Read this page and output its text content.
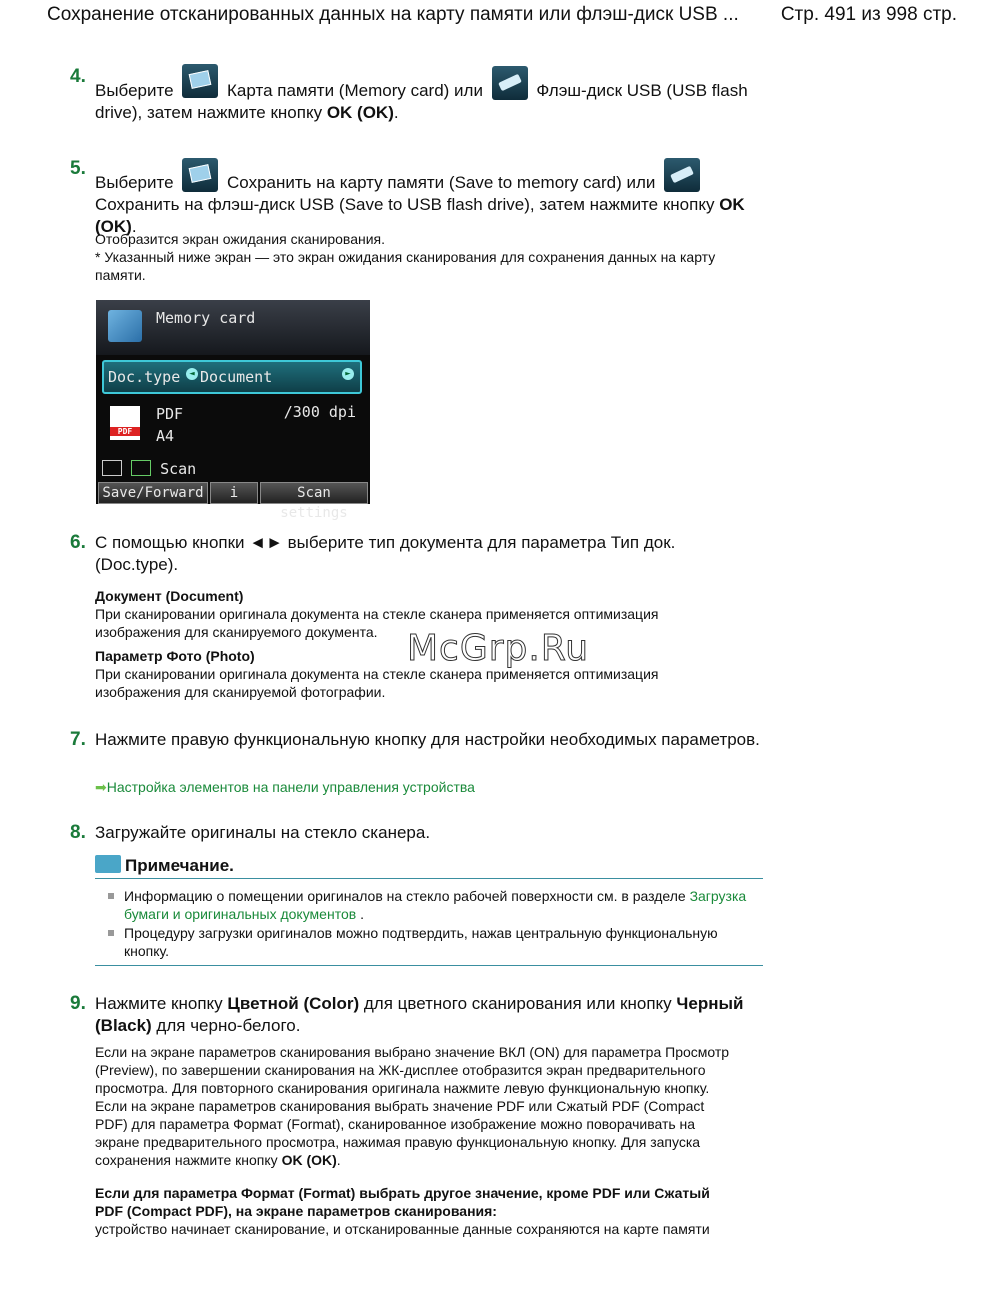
Сохранение отсканированных данных на карту памяти или флэш-диск USB ... Стр. 491 из 998 стр.
4.
Выберите	Карта памяти (Memory card) или	Флэш-диск USB (USB flash drive), затем нажмите кнопку OK (OK).
5.
Выберите	Сохранить на карту памяти (Save to memory card) или  Сохранить на флэш-диск USB (Save to USB flash drive), затем нажмите кнопку OK (OK).
Отобразится экран ожидания сканирования.
* Указанный ниже экран — это экран ожидания сканирования для сохранения данных на карту памяти.
Memory card
Doc.type	◄ Document	►
PDF
PDF
A4
/300 dpi
Scan
Save/Forward	i	Scan settings
6. С помощью кнопки ◄► выберите тип документа для параметра Тип док. (Doc.type).
Документ (Document)
При сканировании оригинала документа на стекле сканера применяется оптимизация изображения для сканируемого документа.
Параметр Фото (Photo)
При сканировании оригинала документа на стекле сканера применяется оптимизация изображения для сканируемой фотографии.
McGrp.Ru
7. Нажмите правую функциональную кнопку для настройки необходимых параметров.
➡Настройка элементов на панели управления устройства
8. Загружайте оригиналы на стекло сканера.
Примечание.
Информацию о помещении оригиналов на стекло рабочей поверхности см. в разделе Загрузка бумаги и оригинальных документов .
Процедуру загрузки оригиналов можно подтвердить, нажав центральную функциональную кнопку.
9. Нажмите кнопку Цветной (Color) для цветного сканирования или кнопку Черный (Black) для черно-белого.
Если на экране параметров сканирования выбрано значение ВКЛ (ON) для параметра Просмотр (Preview), по завершении сканирования на ЖК-дисплее отобразится экран предварительного просмотра. Для повторного сканирования оригинала нажмите левую функциональную кнопку. Если на экране параметров сканирования выбрать значение PDF или Сжатый PDF (Compact PDF) для параметра Формат (Format), сканированное изображение можно поворачивать на экране предварительного просмотра, нажимая правую функциональную кнопку. Для запуска сохранения нажмите кнопку OK (OK).
Если для параметра Формат (Format) выбрать другое значение, кроме PDF или Сжатый PDF (Compact PDF), на экране параметров сканирования:
устройство начинает сканирование, и отсканированные данные сохраняются на карте памяти
